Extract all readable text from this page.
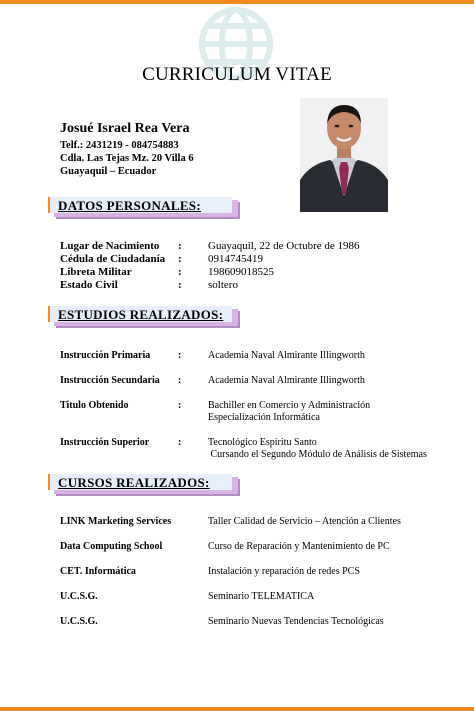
CURRICULUM VITAE
Josué Israel Rea Vera
Telf.: 2431219 - 084754883
Cdla. Las Tejas Mz. 20 Villa 6
Guayaquil – Ecuador
DATOS PERSONALES:
Lugar de Nacimiento : Guayaquil, 22 de Octubre de 1986
Cédula de Ciudadanía : 0914745419
Libreta Militar	: 198609018525
Estado Civil	: soltero
ESTUDIOS REALIZADOS:
Instrucción Primaria	:	Academia Naval Almirante Illingworth
Instrucción Secundaria :	Academia Naval Almirante Illingworth
Titulo Obtenido	:	Bachiller en Comercio y Administración
Especialización Informática
Instrucción Superior	:	Tecnológico Espíritu Santo
Cursando el Segundo Módulo de Análisis de Sistemas
CURSOS REALIZADOS:
LINK Marketing Services	Taller Calidad de Servicio – Atención a Clientes
Data Computing School	Curso de Reparación y Mantenimiento de PC
CET. Informática	Instalación y reparación de redes PCS
U.C.S.G.	Seminario TELEMATICA
U.C.S.G.	Seminario Nuevas Tendencias Tecnológicas
